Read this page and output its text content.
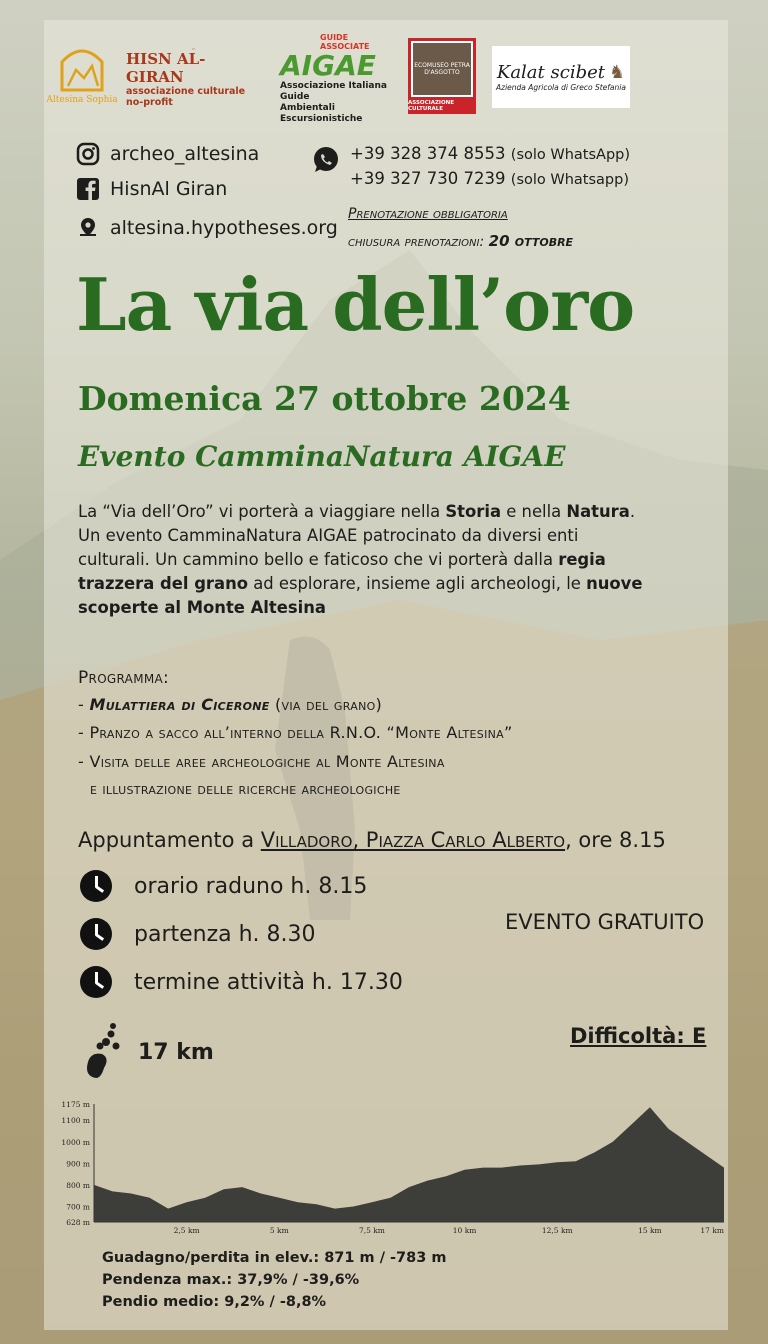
Altesina Sophia
HISN AL-GIRAN
associazione culturale no-profit
GUIDE ASSOCIATE
AIGAE
Associazione Italiana Guide
Ambientali Escursionistiche
ECOMUSEO PETRA D'ASGOTTO
ASSOCIAZIONE CULTURALE
Kalat scibet ♞
Azienda Agricola di Greco Stefania
archeo_altesina
HisnAl Giran
altesina.hypotheses.org
+39 328 374 8553 (solo WhatsApp)
+39 327 730 7239 (solo Whatsapp)
Prenotazione obbligatoria
chiusura prenotazioni: 20 ottobre
La via dell’oro
Domenica 27 ottobre 2024
Evento CamminaNatura AIGAE
La “Via dell’Oro” vi porterà a viaggiare nella Storia e nella Natura. Un evento CamminaNatura AIGAE patrocinato da diversi enti culturali. Un cammino bello e faticoso che vi porterà dalla regia trazzera del grano ad esplorare, insieme agli archeologi, le nuove scoperte al Monte Altesina
Programma:
- Mulattiera di Cicerone (via del grano)
- Pranzo a sacco all’interno della R.N.O. “Monte Altesina”
- Visita delle aree archeologiche al Monte Altesina
e illustrazione delle ricerche archeologiche
Appuntamento a Villadoro, Piazza Carlo Alberto, ore 8.15
orario raduno h. 8.15
partenza h. 8.30
termine attività h. 17.30
EVENTO GRATUITO
17 km
Difficoltà: E
1175 m
1100 m
1000 m
900 m
800 m
700 m
628 m
2,5 km	5 km	7,5 km	10 km	12,5 km	15 km	17 km
Guadagno/perdita in elev.: 871 m / -783 m
Pendenza max.: 37,9% / -39,6%
Pendio medio: 9,2% / -8,8%
